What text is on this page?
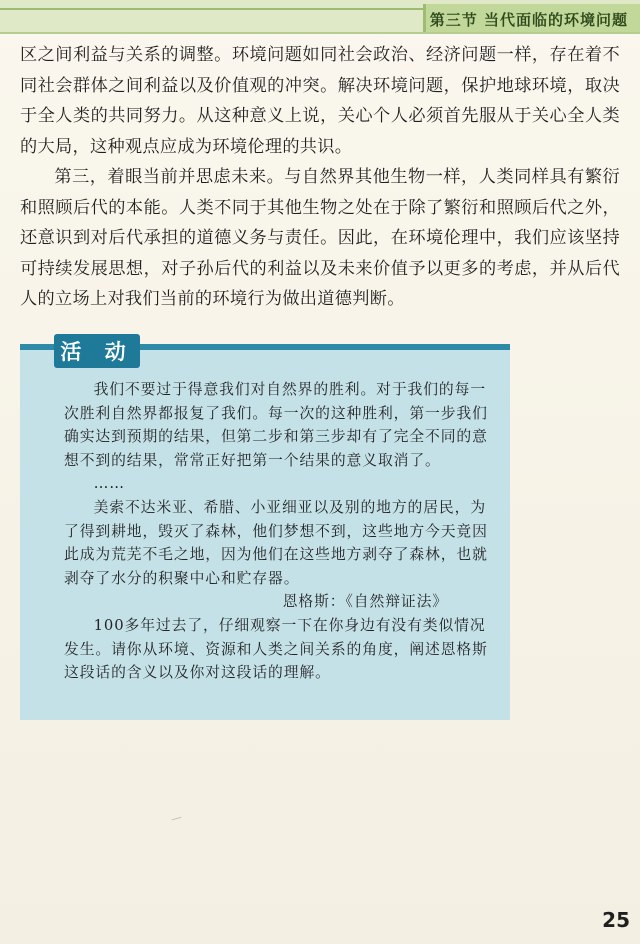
第三节 当代面临的环境问题

区之间利益与关系的调整。环境问题如同社会政治、经济问题一样，存在着不同社会群体之间利益以及价值观的冲突。解决环境问题，保护地球环境，取决于全人类的共同努力。从这种意义上说，关心个人必须首先服从于关心全人类的大局，这种观点应成为环境伦理的共识。

第三，着眼当前并思虑未来。与自然界其他生物一样，人类同样具有繁衍和照顾后代的本能。人类不同于其他生物之处在于除了繁衍和照顾后代之外，还意识到对后代承担的道德义务与责任。因此，在环境伦理中，我们应该坚持可持续发展思想，对子孙后代的利益以及未来价值予以更多的考虑，并从后代人的立场上对我们当前的环境行为做出道德判断。

活 动

我们不要过于得意我们对自然界的胜利。对于我们的每一次胜利自然界都报复了我们。每一次的这种胜利，第一步我们确实达到预期的结果，但第二步和第三步却有了完全不同的意想不到的结果，常常正好把第一个结果的意义取消了。

……

美索不达米亚、希腊、小亚细亚以及别的地方的居民，为了得到耕地，毁灭了森林，他们梦想不到，这些地方今天竟因此成为荒芜不毛之地，因为他们在这些地方剥夺了森林，也就剥夺了水分的积聚中心和贮存器。

恩格斯：《自然辩证法》

100多年过去了，仔细观察一下在你身边有没有类似情况发生。请你从环境、资源和人类之间关系的角度，阐述恩格斯这段话的含义以及你对这段话的理解。

25
